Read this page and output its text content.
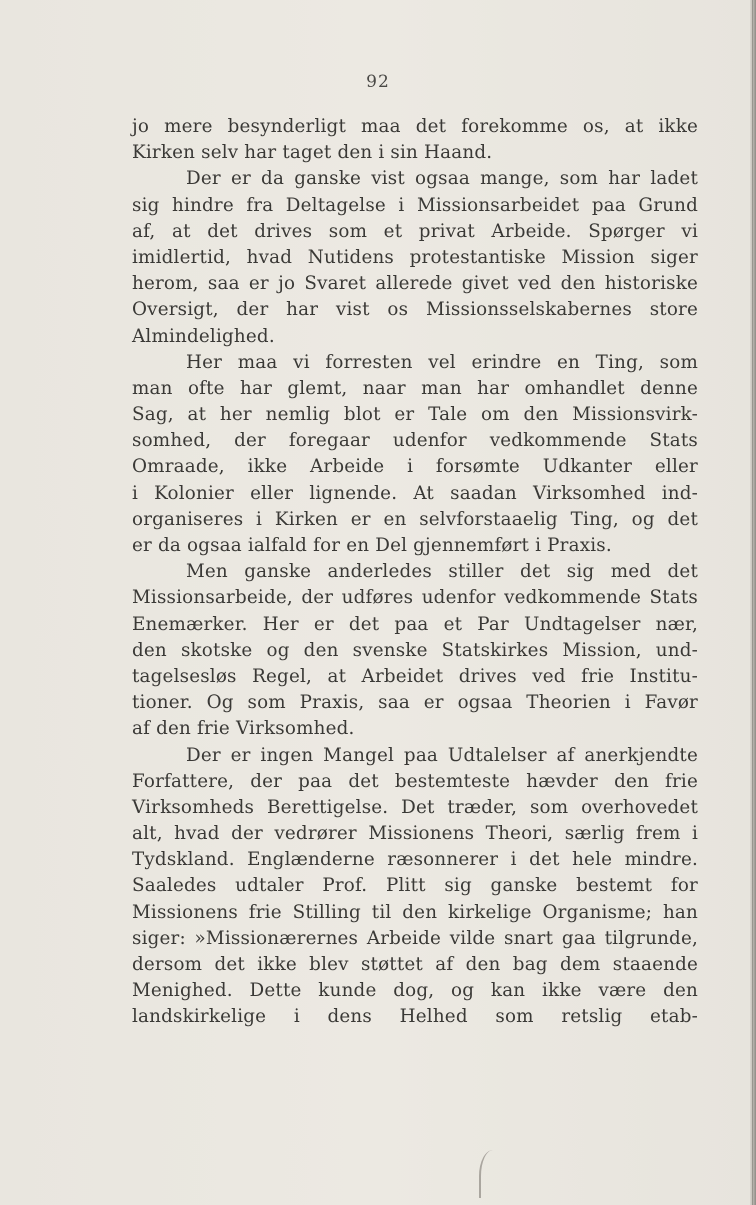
92
jo mere besynderligt maa det forekomme os, at ikke
Kirken selv har taget den i sin Haand.
Der er da ganske vist ogsaa mange, som har ladet
sig hindre fra Deltagelse i Missionsarbeidet paa Grund
af, at det drives som et privat Arbeide. Spørger vi
imidlertid, hvad Nutidens protestantiske Mission siger
herom, saa er jo Svaret allerede givet ved den historiske
Oversigt, der har vist os Missionsselskabernes store
Almindelighed.
Her maa vi forresten vel erindre en Ting, som
man ofte har glemt, naar man har omhandlet denne
Sag, at her nemlig blot er Tale om den Missionsvirk-
somhed, der foregaar udenfor vedkommende Stats
Omraade, ikke Arbeide i forsømte Udkanter eller
i Kolonier eller lignende. At saadan Virksomhed ind-
organiseres i Kirken er en selvforstaaelig Ting, og det
er da ogsaa ialfald for en Del gjennemført i Praxis.
Men ganske anderledes stiller det sig med det
Missionsarbeide, der udføres udenfor vedkommende Stats
Enemærker. Her er det paa et Par Undtagelser nær,
den skotske og den svenske Statskirkes Mission, und-
tagelsesløs Regel, at Arbeidet drives ved frie Institu-
tioner. Og som Praxis, saa er ogsaa Theorien i Favør
af den frie Virksomhed.
Der er ingen Mangel paa Udtalelser af anerkjendte
Forfattere, der paa det bestemteste hævder den frie
Virksomheds Berettigelse. Det træder, som overhovedet
alt, hvad der vedrører Missionens Theori, særlig frem i
Tydskland. Englænderne ræsonnerer i det hele mindre.
Saaledes udtaler Prof. Plitt sig ganske bestemt for
Missionens frie Stilling til den kirkelige Organisme; han
siger: »Missionærernes Arbeide vilde snart gaa tilgrunde,
dersom det ikke blev støttet af den bag dem staaende
Menighed. Dette kunde dog, og kan ikke være den
landskirkelige i dens Helhed som retslig etab-
